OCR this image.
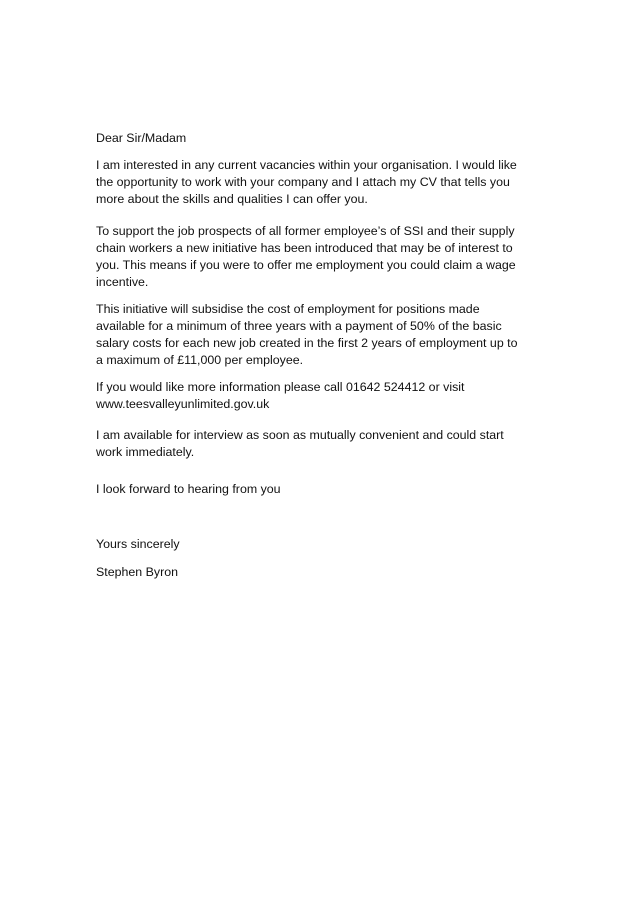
Dear Sir/Madam

I am interested in any current vacancies within your organisation. I would like
the opportunity to work with your company and I attach my CV that tells you
more about the skills and qualities I can offer you.

To support the job prospects of all former employee’s of SSI and their supply
chain workers a new initiative has been introduced that may be of interest to
you. This means if you were to offer me employment you could claim a wage
incentive.

This initiative will subsidise the cost of employment for positions made
available for a minimum of three years with a payment of 50% of the basic
salary costs for each new job created in the first 2 years of employment up to
a maximum of £11,000 per employee.

If you would like more information please call 01642 524412 or visit
www.teesvalleyunlimited.gov.uk

I am available for interview as soon as mutually convenient and could start
work immediately.

I look forward to hearing from you

Yours sincerely

Stephen Byron
